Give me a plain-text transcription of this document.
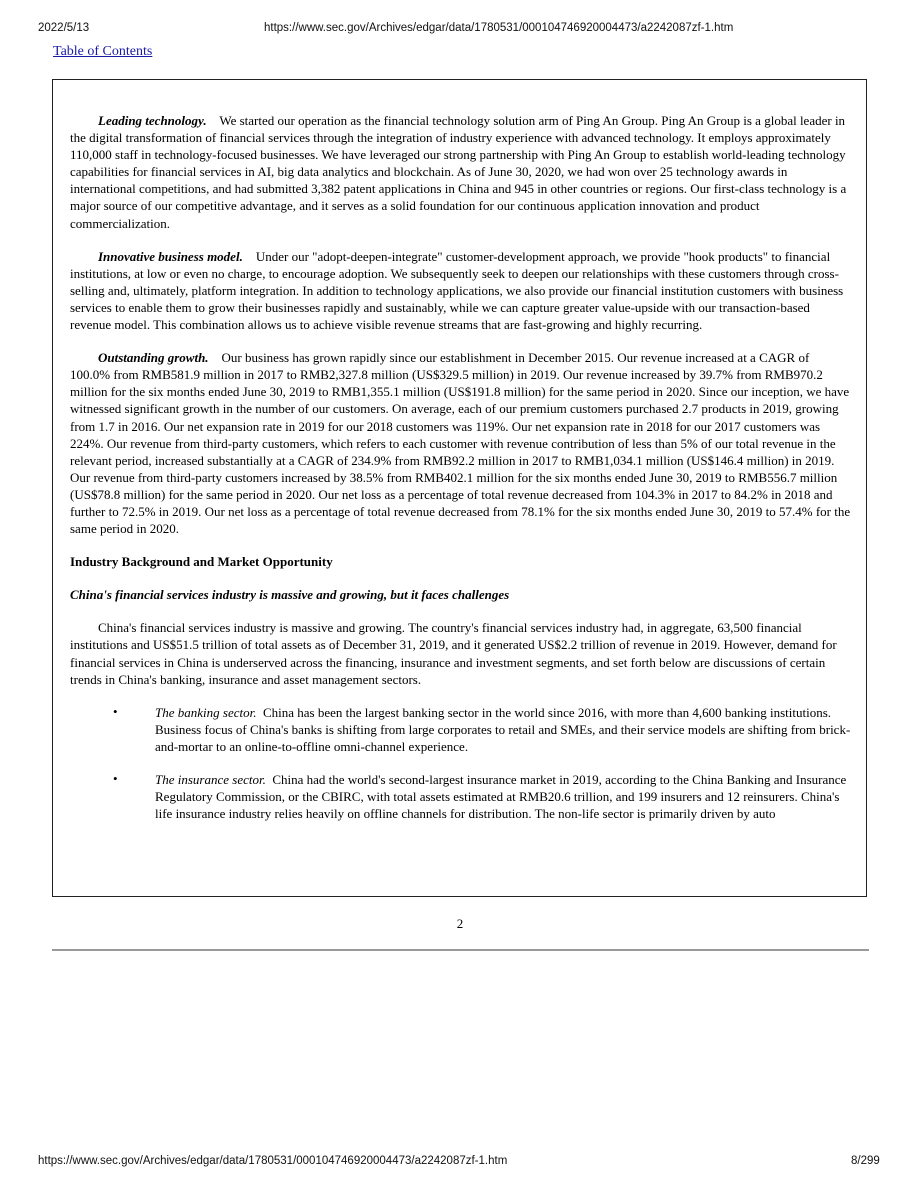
2022/5/13	https://www.sec.gov/Archives/edgar/data/1780531/000104746920004473/a2242087zf-1.htm
Table of Contents

Leading technology. We started our operation as the financial technology solution arm of Ping An Group. Ping An Group is a global leader in the digital transformation of financial services through the integration of industry experience with advanced technology. It employs approximately 110,000 staff in technology-focused businesses. We have leveraged our strong partnership with Ping An Group to establish world-leading technology capabilities for financial services in AI, big data analytics and blockchain. As of June 30, 2020, we had won over 25 technology awards in international competitions, and had submitted 3,382 patent applications in China and 945 in other countries or regions. Our first-class technology is a major source of our competitive advantage, and it serves as a solid foundation for our continuous application innovation and product commercialization.

Innovative business model. Under our "adopt-deepen-integrate" customer-development approach, we provide "hook products" to financial institutions, at low or even no charge, to encourage adoption. We subsequently seek to deepen our relationships with these customers through cross-selling and, ultimately, platform integration. In addition to technology applications, we also provide our financial institution customers with business services to enable them to grow their businesses rapidly and sustainably, while we can capture greater value-upside with our transaction-based revenue model. This combination allows us to achieve visible revenue streams that are fast-growing and highly recurring.

Outstanding growth. Our business has grown rapidly since our establishment in December 2015. Our revenue increased at a CAGR of 100.0% from RMB581.9 million in 2017 to RMB2,327.8 million (US$329.5 million) in 2019. Our revenue increased by 39.7% from RMB970.2 million for the six months ended June 30, 2019 to RMB1,355.1 million (US$191.8 million) for the same period in 2020. Since our inception, we have witnessed significant growth in the number of our customers. On average, each of our premium customers purchased 2.7 products in 2019, growing from 1.7 in 2016. Our net expansion rate in 2019 for our 2018 customers was 119%. Our net expansion rate in 2018 for our 2017 customers was 224%. Our revenue from third-party customers, which refers to each customer with revenue contribution of less than 5% of our total revenue in the relevant period, increased substantially at a CAGR of 234.9% from RMB92.2 million in 2017 to RMB1,034.1 million (US$146.4 million) in 2019. Our revenue from third-party customers increased by 38.5% from RMB402.1 million for the six months ended June 30, 2019 to RMB556.7 million (US$78.8 million) for the same period in 2020. Our net loss as a percentage of total revenue decreased from 104.3% in 2017 to 84.2% in 2018 and further to 72.5% in 2019. Our net loss as a percentage of total revenue decreased from 78.1% for the six months ended June 30, 2019 to 57.4% for the same period in 2020.

Industry Background and Market Opportunity

China's financial services industry is massive and growing, but it faces challenges

China's financial services industry is massive and growing. The country's financial services industry had, in aggregate, 63,500 financial institutions and US$51.5 trillion of total assets as of December 31, 2019, and it generated US$2.2 trillion of revenue in 2019. However, demand for financial services in China is underserved across the financing, insurance and investment segments, and set forth below are discussions of certain trends in China's banking, insurance and asset management sectors.

•	The banking sector. China has been the largest banking sector in the world since 2016, with more than 4,600 banking institutions. Business focus of China's banks is shifting from large corporates to retail and SMEs, and their service models are shifting from brick-and-mortar to an online-to-offline omni-channel experience.
•	The insurance sector. China had the world's second-largest insurance market in 2019, according to the China Banking and Insurance Regulatory Commission, or the CBIRC, with total assets estimated at RMB20.6 trillion, and 199 insurers and 12 reinsurers. China's life insurance industry relies heavily on offline channels for distribution. The non-life sector is primarily driven by auto
2
https://www.sec.gov/Archives/edgar/data/1780531/000104746920004473/a2242087zf-1.htm	8/299
